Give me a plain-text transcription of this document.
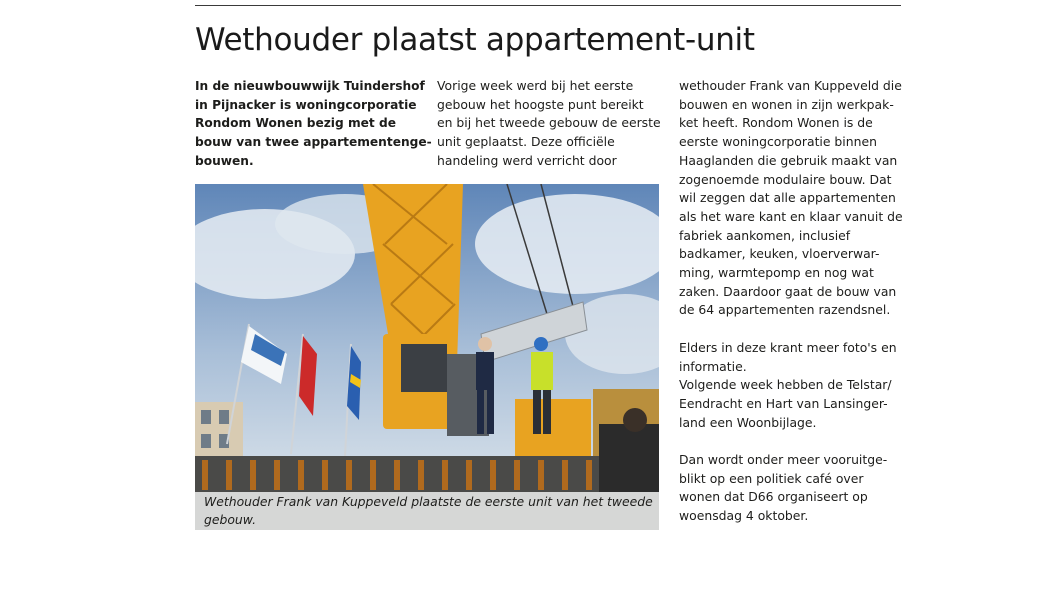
Wethouder plaatst appartement-unit
In de nieuwbouwwijk Tuindershof
in Pijnacker is woningcorporatie
Rondom Wonen bezig met de
bouw van twee appartementenge-
bouwen.
Vorige week werd bij het eerste
gebouw het hoogste punt bereikt
en bij het tweede gebouw de eerste
unit geplaatst. Deze officiële
handeling werd verricht door
Wethouder Frank van Kuppeveld plaatste de eerste unit van het tweede
gebouw.
wethouder Frank van Kuppeveld die
bouwen en wonen in zijn werkpak-
ket heeft. Rondom Wonen is de
eerste woningcorporatie binnen
Haaglanden die gebruik maakt van
zogenoemde modulaire bouw. Dat
wil zeggen dat alle appartementen
als het ware kant en klaar vanuit de
fabriek aankomen, inclusief
badkamer, keuken, vloerverwar-
ming, warmtepomp en nog wat
zaken. Daardoor gaat de bouw van
de 64 appartementen razendsnel.
Elders in deze krant meer foto's en
informatie.
Volgende week hebben de Telstar/
Eendracht en Hart van Lansinger-
land een Woonbijlage.
Dan wordt onder meer vooruitge-
blikt op een politiek café over
wonen dat D66 organiseert op
woensdag 4 oktober.
